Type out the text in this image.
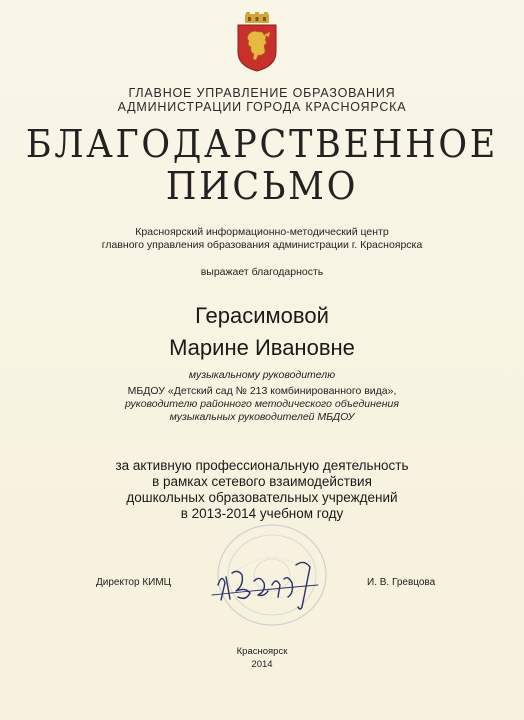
ГЛАВНОЕ УПРАВЛЕНИЕ ОБРАЗОВАНИЯ
АДМИНИСТРАЦИИ ГОРОДА КРАСНОЯРСКА
БЛАГОДАРСТВЕННОЕ
ПИСЬМО
Красноярский информационно-методический центр
главного управления образования администрации г. Красноярска
выражает благодарность
Герасимовой
Марине Ивановне
музыкальному руководителю
МБДОУ «Детский сад № 213 комбинированного вида»,
руководителю районного методического объединения
музыкальных руководителей МБДОУ
за активную профессиональную деятельность
в рамках сетевого взаимодействия
дошкольных образовательных учреждений
в 2013-2014 учебном году
Директор КИМЦ	И. В. Гревцова
Красноярск
2014
